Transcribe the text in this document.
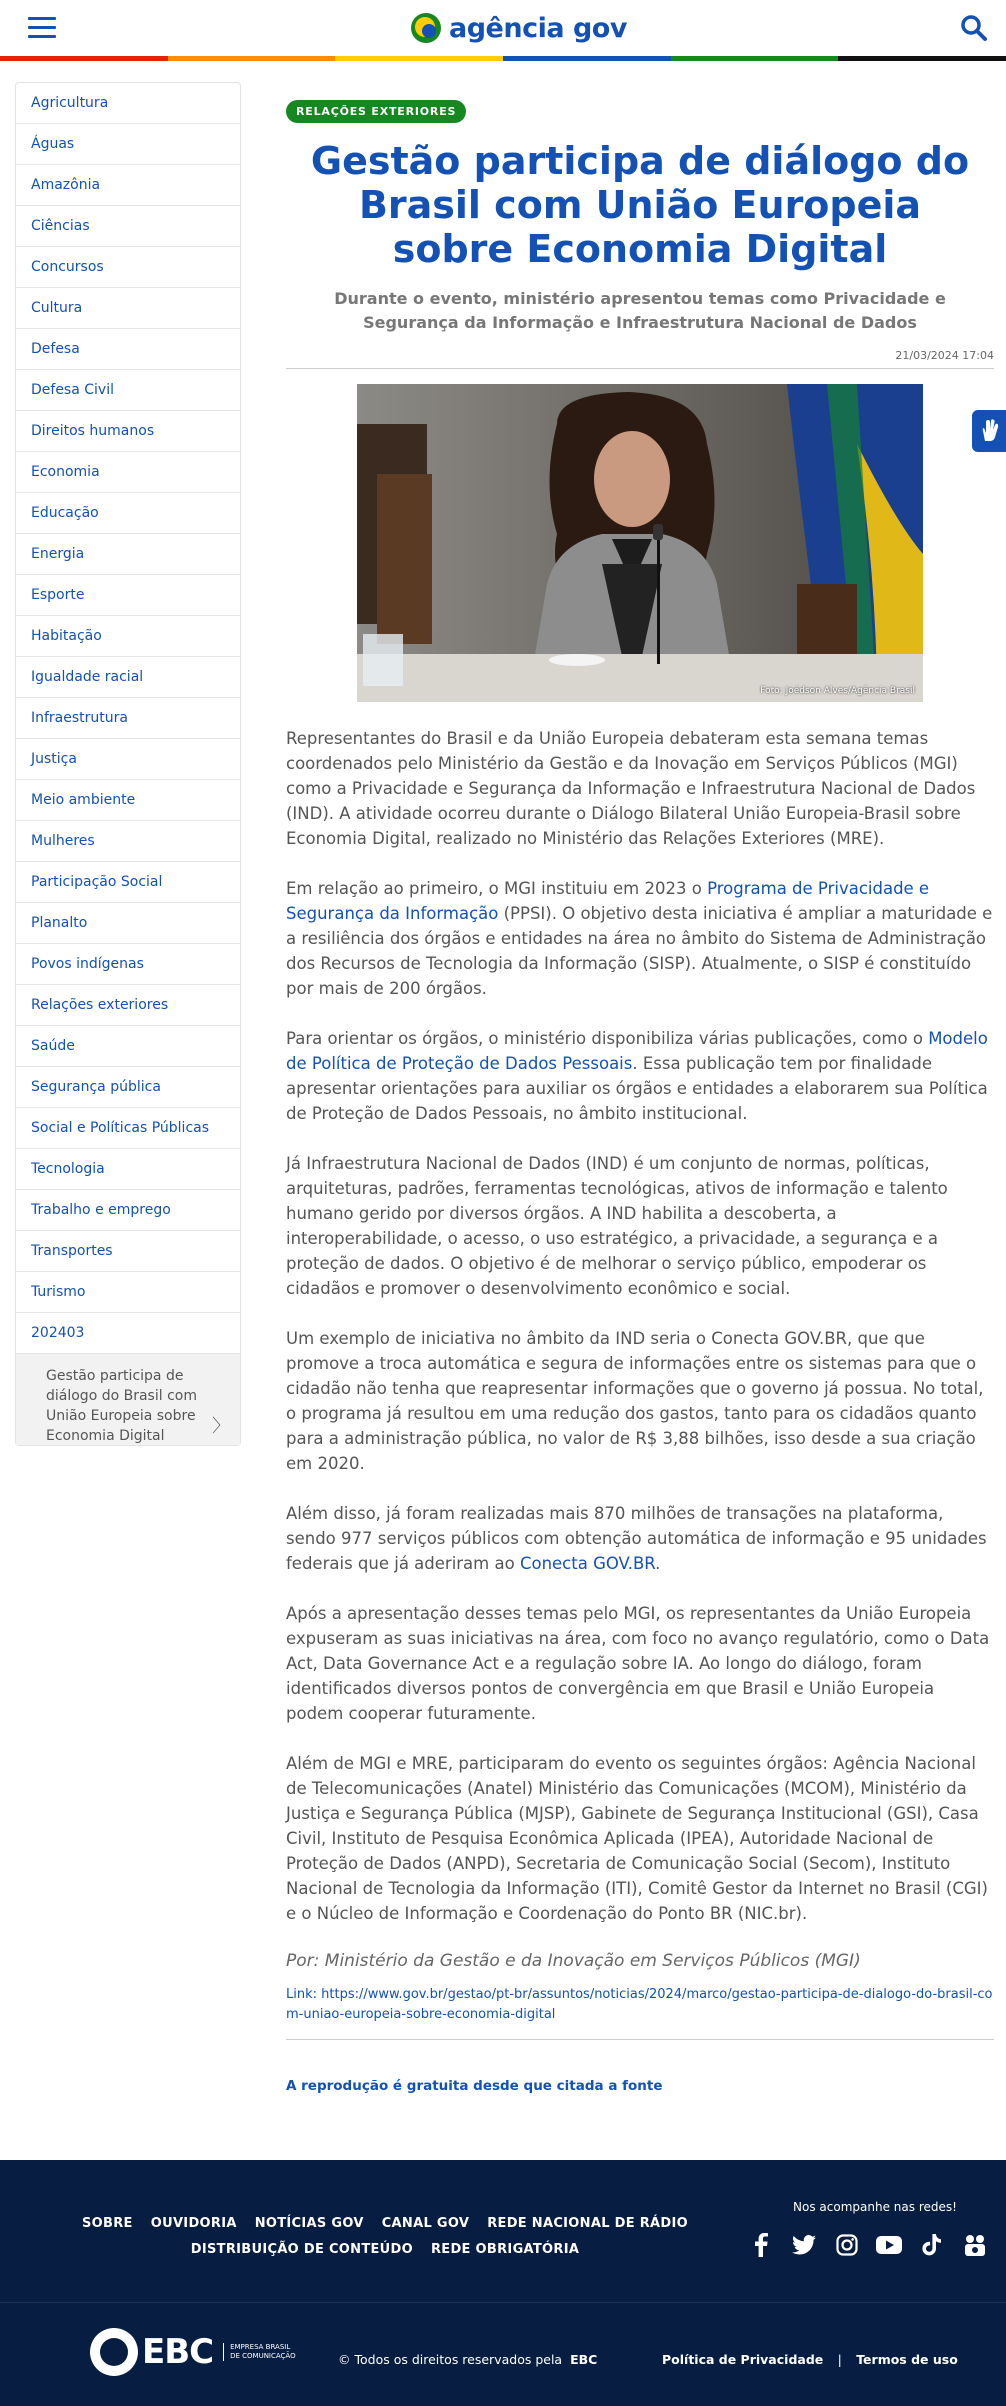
agência gov
Agricultura
Águas
Amazônia
Ciências
Concursos
Cultura
Defesa
Defesa Civil
Direitos humanos
Economia
Educação
Energia
Esporte
Habitação
Igualdade racial
Infraestrutura
Justiça
Meio ambiente
Mulheres
Participação Social
Planalto
Povos indígenas
Relações exteriores
Saúde
Segurança pública
Social e Políticas Públicas
Tecnologia
Trabalho e emprego
Transportes
Turismo
202403
Gestão participa de diálogo do Brasil com União Europeia sobre Economia Digital	〉
RELAÇÕES EXTERIORES
Gestão participa de diálogo do Brasil com União Europeia sobre Economia Digital
Durante o evento, ministério apresentou temas como Privacidade e Segurança da Informação e Infraestrutura Nacional de Dados
21/03/2024 17:04
Foto: Joédson Alves/Agência Brasil

Representantes do Brasil e da União Europeia debateram esta semana temas coordenados pelo Ministério da Gestão e da Inovação em Serviços Públicos (MGI) como a Privacidade e Segurança da Informação e Infraestrutura Nacional de Dados (IND). A atividade ocorreu durante o Diálogo Bilateral União Europeia-Brasil sobre Economia Digital, realizado no Ministério das Relações Exteriores (MRE).

Em relação ao primeiro, o MGI instituiu em 2023 o Programa de Privacidade e Segurança da Informação (PPSI). O objetivo desta iniciativa é ampliar a maturidade e a resiliência dos órgãos e entidades na área no âmbito do Sistema de Administração dos Recursos de Tecnologia da Informação (SISP). Atualmente, o SISP é constituído por mais de 200 órgãos.

Para orientar os órgãos, o ministério disponibiliza várias publicações, como o Modelo de Política de Proteção de Dados Pessoais. Essa publicação tem por finalidade apresentar orientações para auxiliar os órgãos e entidades a elaborarem sua Política de Proteção de Dados Pessoais, no âmbito institucional.

Já Infraestrutura Nacional de Dados (IND) é um conjunto de normas, políticas, arquiteturas, padrões, ferramentas tecnológicas, ativos de informação e talento humano gerido por diversos órgãos. A IND habilita a descoberta, a interoperabilidade, o acesso, o uso estratégico, a privacidade, a segurança e a proteção de dados. O objetivo é de melhorar o serviço público, empoderar os cidadãos e promover o desenvolvimento econômico e social.

Um exemplo de iniciativa no âmbito da IND seria o Conecta GOV.BR, que que promove a troca automática e segura de informações entre os sistemas para que o cidadão não tenha que reapresentar informações que o governo já possua. No total, o programa já resultou em uma redução dos gastos, tanto para os cidadãos quanto para a administração pública, no valor de R$ 3,88 bilhões, isso desde a sua criação em 2020.

Além disso, já foram realizadas mais 870 milhões de transações na plataforma, sendo 977 serviços públicos com obtenção automática de informação e 95 unidades federais que já aderiram ao Conecta GOV.BR.

Após a apresentação desses temas pelo MGI, os representantes da União Europeia expuseram as suas iniciativas na área, com foco no avanço regulatório, como o Data Act, Data Governance Act e a regulação sobre IA. Ao longo do diálogo, foram identificados diversos pontos de convergência em que Brasil e União Europeia podem cooperar futuramente.

Além de MGI e MRE, participaram do evento os seguintes órgãos: Agência Nacional de Telecomunicações (Anatel) Ministério das Comunicações (MCOM), Ministério da Justiça e Segurança Pública (MJSP), Gabinete de Segurança Institucional (GSI), Casa Civil, Instituto de Pesquisa Econômica Aplicada (IPEA), Autoridade Nacional de Proteção de Dados (ANPD), Secretaria de Comunicação Social (Secom), Instituto Nacional de Tecnologia da Informação (ITI), Comitê Gestor da Internet no Brasil (CGI) e o Núcleo de Informação e Coordenação do Ponto BR (NIC.br).

Por: Ministério da Gestão e da Inovação em Serviços Públicos (MGI)
Link: https://www.gov.br/gestao/pt-br/assuntos/noticias/2024/marco/gestao-participa-de-dialogo-do-brasil-com-uniao-europeia-sobre-economia-digital
A reprodução é gratuita desde que citada a fonte
SOBRE OUVIDORIA NOTÍCIAS GOV CANAL GOV REDE NACIONAL DE RÁDIODISTRIBUIÇÃO DE CONTEÚDO REDE OBRIGATÓRIA
Nos acompanhe nas redes!
EBC EMPRESA BRASIL
DE COMUNICAÇÃO	© Todos os direitos reservados pela EBC	Política de Privacidade | Termos de uso
